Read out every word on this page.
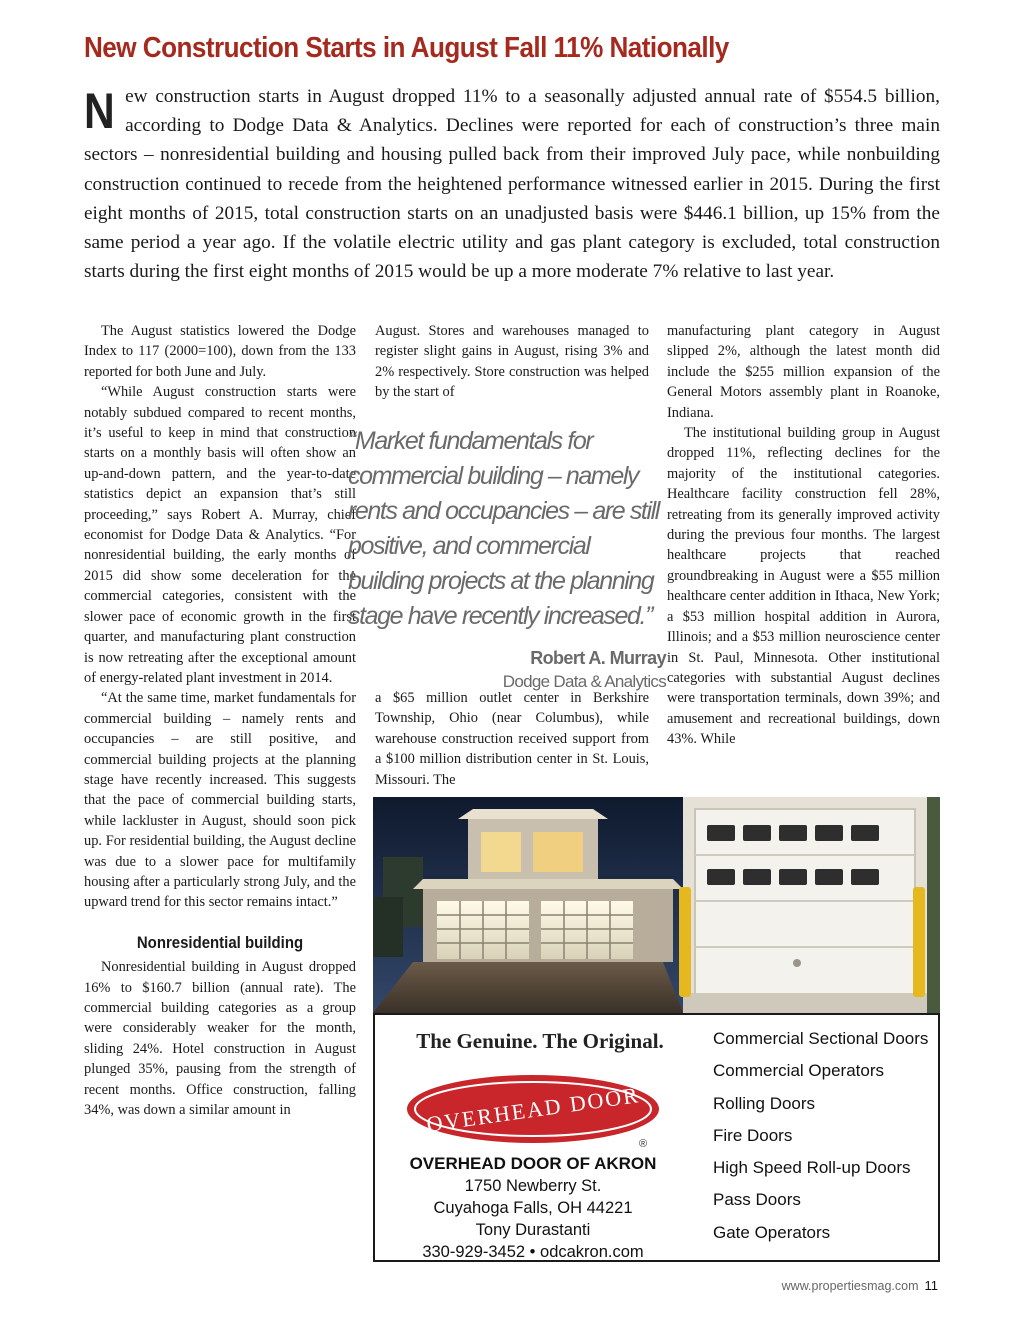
New Construction Starts in August Fall 11% Nationally

New construction starts in August dropped 11% to a seasonally adjusted annual rate of $554.5 billion, according to Dodge Data & Analytics. Declines were reported for each of construction’s three main sectors – nonresidential building and housing pulled back from their improved July pace, while nonbuilding construction continued to recede from the heightened performance witnessed earlier in 2015. During the first eight months of 2015, total construction starts on an unadjusted basis were $446.1 billion, up 15% from the same period a year ago. If the volatile electric utility and gas plant category is excluded, total construction starts during the first eight months of 2015 would be up a more moderate 7% relative to last year.

The August statistics lowered the Dodge Index to 117 (2000=100), down from the 133 reported for both June and July.

“While August construction starts were notably subdued compared to recent months, it’s useful to keep in mind that construction starts on a monthly basis will often show an up-and-down pattern, and the year-to-date statistics depict an expansion that’s still proceeding,” says Robert A. Murray, chief economist for Dodge Data & Analytics. “For nonresidential building, the early months of 2015 did show some deceleration for the commercial categories, consistent with the slower pace of economic growth in the first quarter, and manufacturing plant construction is now retreating after the exceptional amount of energy-related plant investment in 2014.

“At the same time, market fundamentals for commercial building – namely rents and occupancies – are still positive, and commercial building projects at the planning stage have recently increased. This suggests that the pace of commercial building starts, while lackluster in August, should soon pick up. For residential building, the August decline was due to a slower pace for multifamily housing after a particularly strong July, and the upward trend for this sector remains intact.”

Nonresidential building

Nonresidential building in August dropped 16% to $160.7 billion (annual rate). The commercial building categories as a group were considerably weaker for the month, sliding 24%. Hotel construction in August plunged 35%, pausing from the strength of recent months. Office construction, falling 34%, was down a similar amount in

August. Stores and warehouses managed to register slight gains in August, rising 3% and 2% respectively. Store construction was helped by the start of

“Market fundamentals for commercial building – namely rents and occupancies – are still positive, and commercial building projects at the planning stage have recently increased.”

Robert A. Murray
Dodge Data & Analytics

a $65 million outlet center in Berkshire Township, Ohio (near Columbus), while warehouse construction received support from a $100 million distribution center in St. Louis, Missouri. The

manufacturing plant category in August slipped 2%, although the latest month did include the $255 million expansion of the General Motors assembly plant in Roanoke, Indiana.

The institutional building group in August dropped 11%, reflecting declines for the majority of the institutional categories. Healthcare facility construction fell 28%, retreating from its generally improved activity during the previous four months. The largest healthcare projects that reached groundbreaking in August were a $55 million healthcare center addition in Ithaca, New York; a $53 million hospital addition in Aurora, Illinois; and a $53 million neuroscience center in St. Paul, Minnesota. Other institutional categories with substantial August declines were transportation terminals, down 39%; and amusement and recreational buildings, down 43%. While

The Genuine. The Original.

OVERHEAD DOOR
®
OVERHEAD DOOR OF AKRON
1750 Newberry St.
Cuyahoga Falls, OH 44221
Tony Durastanti
330-929-3452 • odcakron.com
Commercial Sectional Doors
Commercial Operators
Rolling Doors
Fire Doors
High Speed Roll-up Doors
Pass Doors
Gate Operators
www.propertiesmag.com 11
